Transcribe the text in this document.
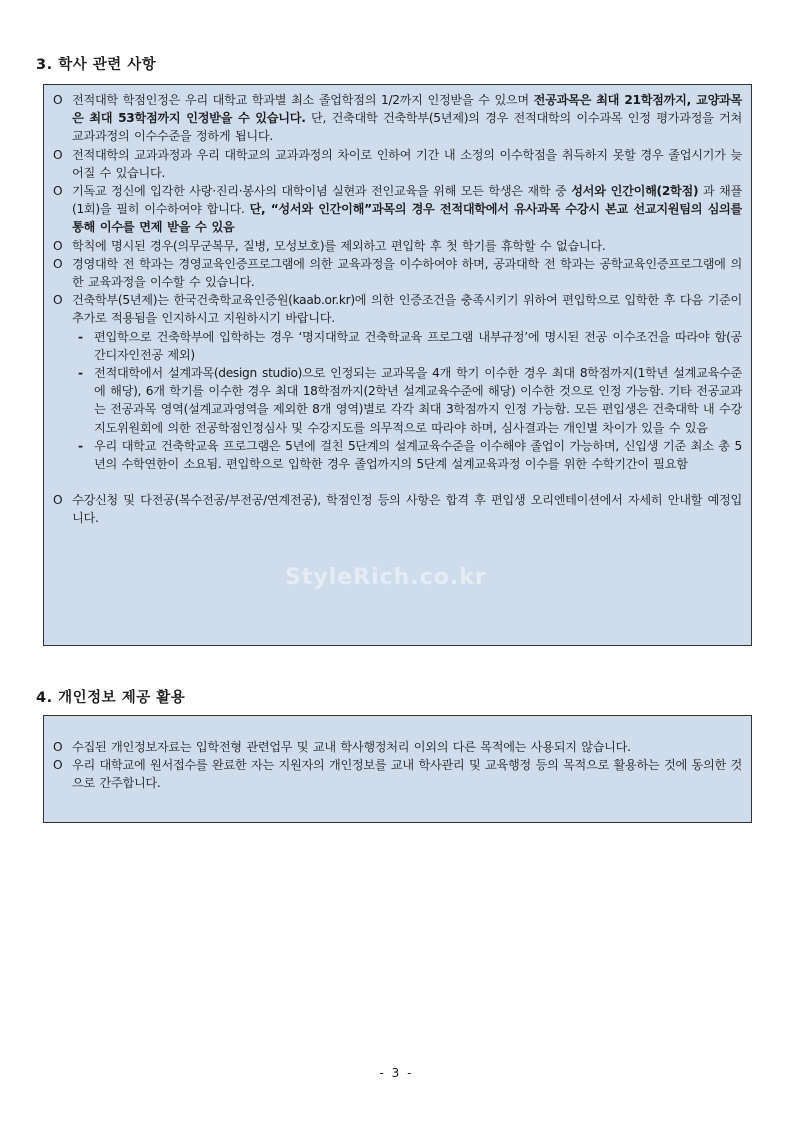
3. 학사 관련 사항
O 전적대학 학점인정은 우리 대학교 학과별 최소 졸업학점의 1/2까지 인정받을 수 있으며 전공과목은 최대 21학점까지, 교양과목은 최대 53학점까지 인정받을 수 있습니다. 단, 건축대학 건축학부(5년제)의 경우 전적대학의 이수과목 인정 평가과정을 거쳐 교과과정의 이수수준을 정하게 됩니다.
O 전적대학의 교과과정과 우리 대학교의 교과과정의 차이로 인하여 기간 내 소정의 이수학점을 취득하지 못할 경우 졸업시기가 늦어질 수 있습니다.
O 기독교 정신에 입각한 사랑·진리·봉사의 대학이념 실현과 전인교육을 위해 모든 학생은 재학 중 성서와 인간이해(2학점) 과 채플(1회)을 필히 이수하여야 합니다. 단, “성서와 인간이해”과목의 경우 전적대학에서 유사과목 수강시 본교 선교지원팀의 심의를 통해 이수를 면제 받을 수 있음
O 학칙에 명시된 경우(의무군복무, 질병, 모성보호)를 제외하고 편입학 후 첫 학기를 휴학할 수 없습니다.
O 경영대학 전 학과는 경영교육인증프로그램에 의한 교육과정을 이수하여야 하며, 공과대학 전 학과는 공학교육인증프로그램에 의한 교육과정을 이수할 수 있습니다.
O 건축학부(5년제)는 한국건축학교육인증원(kaab.or.kr)에 의한 인증조건을 충족시키기 위하여 편입학으로 입학한 후 다음 기준이 추가로 적용됨을 인지하시고 지원하시기 바랍니다.
- 편입학으로 건축학부에 입학하는 경우 ‘명지대학교 건축학교육 프로그램 내부규정’에 명시된 전공 이수조건을 따라야 함(공간디자인전공 제외)
- 전적대학에서 설계과목(design studio)으로 인정되는 교과목을 4개 학기 이수한 경우 최대 8학점까지(1학년 설계교육수준에 해당), 6개 학기를 이수한 경우 최대 18학점까지(2학년 설계교육수준에 해당) 이수한 것으로 인정 가능함. 기타 전공교과는 전공과목 영역(설계교과영역을 제외한 8개 영역)별로 각각 최대 3학점까지 인정 가능함. 모든 편입생은 건축대학 내 수강지도위원회에 의한 전공학점인정심사 및 수강지도를 의무적으로 따라야 하며, 심사결과는 개인별 차이가 있을 수 있음
- 우리 대학교 건축학교육 프로그램은 5년에 걸친 5단계의 설계교육수준을 이수해야 졸업이 가능하며, 신입생 기준 최소 총 5년의 수학연한이 소요됨. 편입학으로 입학한 경우 졸업까지의 5단계 설계교육과정 이수를 위한 수학기간이 필요함
O 수강신청 및 다전공(복수전공/부전공/연계전공), 학점인정 등의 사항은 합격 후 편입생 오리엔테이션에서 자세히 안내할 예정입니다.
StyleRich.co.kr
4. 개인정보 제공 활용
O 수집된 개인정보자료는 입학전형 관련업무 및 교내 학사행정처리 이외의 다른 목적에는 사용되지 않습니다.
O 우리 대학교에 원서접수를 완료한 자는 지원자의 개인정보를 교내 학사관리 및 교육행정 등의 목적으로 활용하는 것에 동의한 것으로 간주합니다.
- 3 -
